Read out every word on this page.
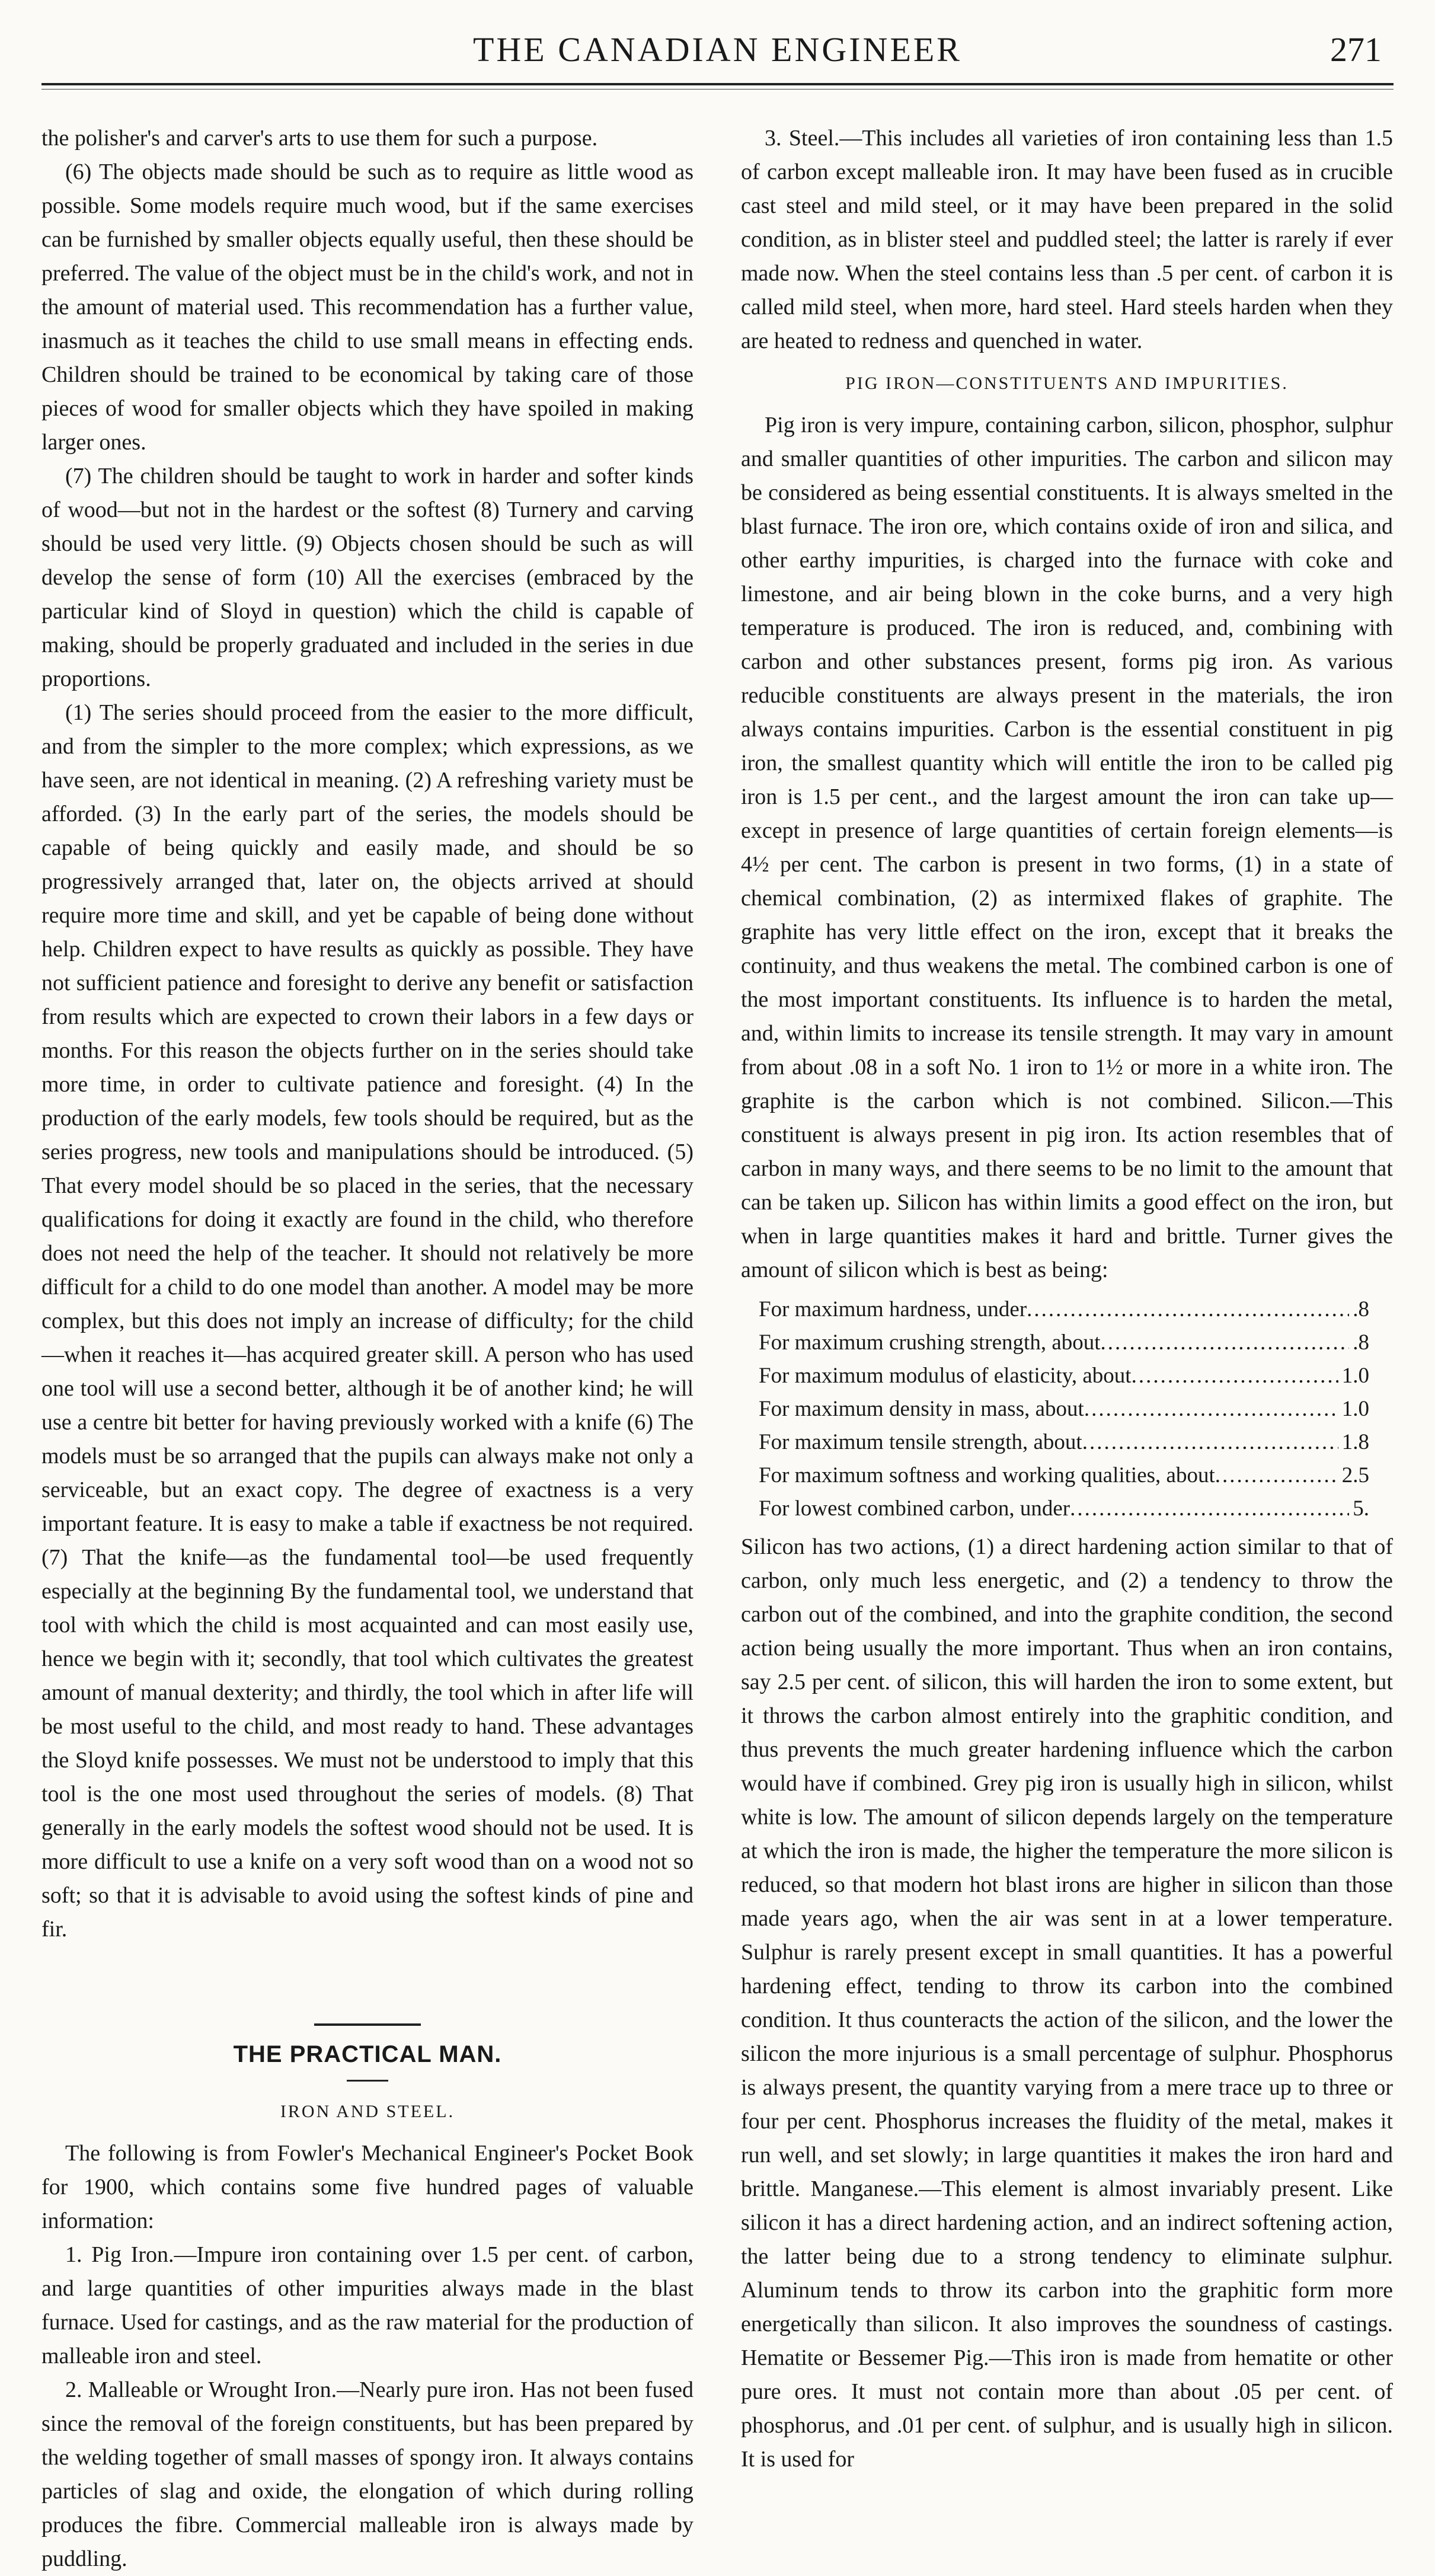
THE CANADIAN ENGINEER	271

the polisher's and carver's arts to use them for such a purpose.

(6) The objects made should be such as to require as little wood as possible. Some models require much wood, but if the same exercises can be furnished by smaller objects equally useful, then these should be preferred. The value of the object must be in the child's work, and not in the amount of material used. This recommendation has a further value, inasmuch as it teaches the child to use small means in effecting ends. Children should be trained to be economical by taking care of those pieces of wood for smaller objects which they have spoiled in making larger ones.

(7) The children should be taught to work in harder and softer kinds of wood—but not in the hardest or the softest (8) Turnery and carving should be used very little. (9) Objects chosen should be such as will develop the sense of form (10) All the exercises (embraced by the particular kind of Sloyd in question) which the child is capable of making, should be properly graduated and included in the series in due proportions.

(1) The series should proceed from the easier to the more difficult, and from the simpler to the more complex; which expressions, as we have seen, are not identical in meaning. (2) A refreshing variety must be afforded. (3) In the early part of the series, the models should be capable of being quickly and easily made, and should be so progressively arranged that, later on, the objects arrived at should require more time and skill, and yet be capable of being done without help. Children expect to have results as quickly as possible. They have not sufficient patience and foresight to derive any benefit or satisfaction from results which are expected to crown their labors in a few days or months. For this reason the objects further on in the series should take more time, in order to cultivate patience and foresight. (4) In the production of the early models, few tools should be required, but as the series progress, new tools and manipulations should be introduced. (5) That every model should be so placed in the series, that the necessary qualifications for doing it exactly are found in the child, who therefore does not need the help of the teacher. It should not relatively be more difficult for a child to do one model than another. A model may be more complex, but this does not imply an increase of difficulty; for the child—when it reaches it—has acquired greater skill. A person who has used one tool will use a second better, although it be of another kind; he will use a centre bit better for having previously worked with a knife (6) The models must be so arranged that the pupils can always make not only a serviceable, but an exact copy. The degree of exactness is a very important feature. It is easy to make a table if exactness be not required. (7) That the knife—as the fundamental tool—be used frequently especially at the beginning By the fundamental tool, we understand that tool with which the child is most acquainted and can most easily use, hence we begin with it; secondly, that tool which cultivates the greatest amount of manual dexterity; and thirdly, the tool which in after life will be most useful to the child, and most ready to hand. These advantages the Sloyd knife possesses. We must not be understood to imply that this tool is the one most used throughout the series of models. (8) That generally in the early models the softest wood should not be used. It is more difficult to use a knife on a very soft wood than on a wood not so soft; so that it is advisable to avoid using the softest kinds of pine and fir.

THE PRACTICAL MAN.

IRON AND STEEL.

The following is from Fowler's Mechanical Engineer's Pocket Book for 1900, which contains some five hundred pages of valuable information:

1. Pig Iron.—Impure iron containing over 1.5 per cent. of carbon, and large quantities of other impurities always made in the blast furnace. Used for castings, and as the raw material for the production of malleable iron and steel.

2. Malleable or Wrought Iron.—Nearly pure iron. Has not been fused since the removal of the foreign constituents, but has been prepared by the welding together of small masses of spongy iron. It always contains particles of slag and oxide, the elongation of which during rolling produces the fibre. Commercial malleable iron is always made by puddling.

3. Steel.—This includes all varieties of iron containing less than 1.5 of carbon except malleable iron. It may have been fused as in crucible cast steel and mild steel, or it may have been prepared in the solid condition, as in blister steel and puddled steel; the latter is rarely if ever made now. When the steel contains less than .5 per cent. of carbon it is called mild steel, when more, hard steel. Hard steels harden when they are heated to redness and quenched in water.

PIG IRON—CONSTITUENTS AND IMPURITIES.

Pig iron is very impure, containing carbon, silicon, phosphor, sulphur and smaller quantities of other impurities. The carbon and silicon may be considered as being essential constituents. It is always smelted in the blast furnace. The iron ore, which contains oxide of iron and silica, and other earthy impurities, is charged into the furnace with coke and limestone, and air being blown in the coke burns, and a very high temperature is produced. The iron is reduced, and, combining with carbon and other substances present, forms pig iron. As various reducible constituents are always present in the materials, the iron always contains impurities. Carbon is the essential constituent in pig iron, the smallest quantity which will entitle the iron to be called pig iron is 1.5 per cent., and the largest amount the iron can take up—except in presence of large quantities of certain foreign elements—is 4½ per cent. The carbon is present in two forms, (1) in a state of chemical combination, (2) as intermixed flakes of graphite. The graphite has very little effect on the iron, except that it breaks the continuity, and thus weakens the metal. The combined carbon is one of the most important constituents. Its influence is to harden the metal, and, within limits to increase its tensile strength. It may vary in amount from about .08 in a soft No. 1 iron to 1½ or more in a white iron. The graphite is the carbon which is not combined. Silicon.—This constituent is always present in pig iron. Its action resembles that of carbon in many ways, and there seems to be no limit to the amount that can be taken up. Silicon has within limits a good effect on the iron, but when in large quantities makes it hard and brittle. Turner gives the amount of silicon which is best as being:

For maximum hardness, under .....	.8
For maximum crushing strength, about .....	.8
For maximum modulus of elasticity, about .....	1.0
For maximum density in mass, about .....	1.0
For maximum tensile strength, about .....	1.8
For maximum softness and working qualities, about .....	2.5
For lowest combined carbon, under .....	5.

Silicon has two actions, (1) a direct hardening action similar to that of carbon, only much less energetic, and (2) a tendency to throw the carbon out of the combined, and into the graphite condition, the second action being usually the more important. Thus when an iron contains, say 2.5 per cent. of silicon, this will harden the iron to some extent, but it throws the carbon almost entirely into the graphitic condition, and thus prevents the much greater hardening influence which the carbon would have if combined. Grey pig iron is usually high in silicon, whilst white is low. The amount of silicon depends largely on the temperature at which the iron is made, the higher the temperature the more silicon is reduced, so that modern hot blast irons are higher in silicon than those made years ago, when the air was sent in at a lower temperature. Sulphur is rarely present except in small quantities. It has a powerful hardening effect, tending to throw its carbon into the combined condition. It thus counteracts the action of the silicon, and the lower the silicon the more injurious is a small percentage of sulphur. Phosphorus is always present, the quantity varying from a mere trace up to three or four per cent. Phosphorus increases the fluidity of the metal, makes it run well, and set slowly; in large quantities it makes the iron hard and brittle. Manganese.—This element is almost invariably present. Like silicon it has a direct hardening action, and an indirect softening action, the latter being due to a strong tendency to eliminate sulphur. Aluminum tends to throw its carbon into the graphitic form more energetically than silicon. It also improves the soundness of castings. Hematite or Bessemer Pig.—This iron is made from hematite or other pure ores. It must not contain more than about .05 per cent. of phosphorus, and .01 per cent. of sulphur, and is usually high in silicon. It is used for
